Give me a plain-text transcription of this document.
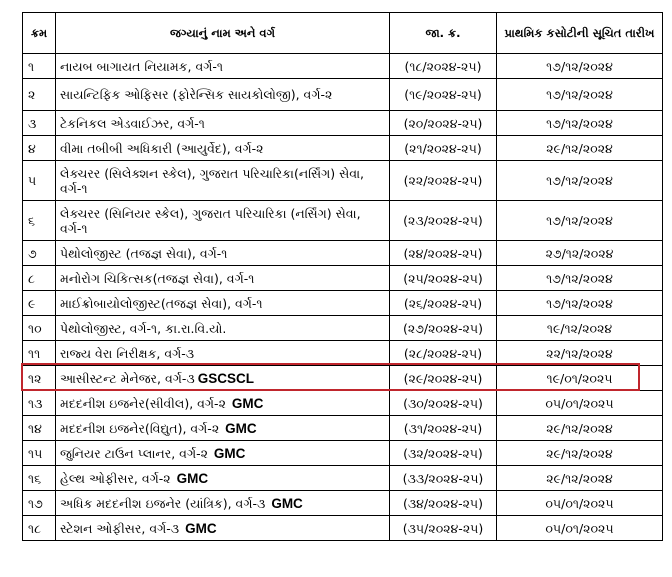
ક્રમ	જગ્યાનું નામ અને વર્ગ	જા. ક્ર.	પ્રાથમિક કસોટીની સૂચિત તારીખ
૧	નાયબ બાગાયત નિયામક, વર્ગ-૧	(૧૮/૨૦૨૪-૨૫)	૧૭/૧૨/૨૦૨૪
૨	સાયન્ટિફિક ઓફિસર (ફોરેન્સિક સાયકોલોજી), વર્ગ-૨	(૧૯/૨૦૨૪-૨૫)	૧૭/૧૨/૨૦૨૪
૩	ટેકનિકલ એડવાઈઝર, વર્ગ-૧	(૨૦/૨૦૨૪-૨૫)	૧૭/૧૨/૨૦૨૪
૪	વીમા તબીબી અધિકારી (આયુર્વેદ), વર્ગ-૨	(૨૧/૨૦૨૪-૨૫)	૨૯/૧૨/૨૦૨૪
૫	લેક્ચરર (સિલેક્શન સ્કેલ), ગુજરાત પરિચારિકા(નર્સિંગ) સેવા, વર્ગ-૧	(૨૨/૨૦૨૪-૨૫)	૧૭/૧૨/૨૦૨૪
૬	લેક્ચરર (સિનિયર સ્કેલ), ગુજરાત પરિચારિકા (નર્સિંગ) સેવા, વર્ગ-૧	(૨૩/૨૦૨૪-૨૫)	૧૭/૧૨/૨૦૨૪
૭	પેથોલોજીસ્ટ (તજજ્ઞ સેવા), વર્ગ-૧	(૨૪/૨૦૨૪-૨૫)	૨૭/૧૨/૨૦૨૪
૮	મનોરોગ ચિકિત્સક(તજજ્ઞ સેવા), વર્ગ-૧	(૨૫/૨૦૨૪-૨૫)	૧૭/૧૨/૨૦૨૪
૯	માઈક્રોબાયોલોજીસ્ટ(તજજ્ઞ સેવા), વર્ગ-૧	(૨૬/૨૦૨૪-૨૫)	૧૭/૧૨/૨૦૨૪
૧૦	પેથોલોજીસ્ટ, વર્ગ-૧, કા.રા.વિ.યો.	(૨૭/૨૦૨૪-૨૫)	૧૯/૧૨/૨૦૨૪
૧૧	રાજ્ય વેરા નિરીક્ષક, વર્ગ-૩	(૨૮/૨૦૨૪-૨૫)	૨૨/૧૨/૨૦૨૪
૧૨	આસીસ્ટન્ટ મેનેજર, વર્ગ-૩ GSCSCL	(૨૯/૨૦૨૪-૨૫)	૧૯/૦૧/૨૦૨૫
૧૩	મદદનીશ ઇજનેર(સીવીલ), વર્ગ-૨ GMC	(૩૦/૨૦૨૪-૨૫)	૦૫/૦૧/૨૦૨૫
૧૪	મદદનીશ ઇજનેર(વિદ્યુત), વર્ગ-૨ GMC	(૩૧/૨૦૨૪-૨૫)	૨૯/૧૨/૨૦૨૪
૧૫	જુનિયર ટાઉન પ્લાનર, વર્ગ-૨ GMC	(૩૨/૨૦૨૪-૨૫)	૨૯/૧૨/૨૦૨૪
૧૬	હેલ્થ ઓફીસર, વર્ગ-૨ GMC	(૩૩/૨૦૨૪-૨૫)	૨૯/૧૨/૨૦૨૪
૧૭	અધિક મદદનીશ ઇજનેર (યાંત્રિક), વર્ગ-૩ GMC	(૩૪/૨૦૨૪-૨૫)	૦૫/૦૧/૨૦૨૫
૧૮	સ્ટેશન ઓફીસર, વર્ગ-૩ GMC	(૩૫/૨૦૨૪-૨૫)	૦૫/૦૧/૨૦૨૫
